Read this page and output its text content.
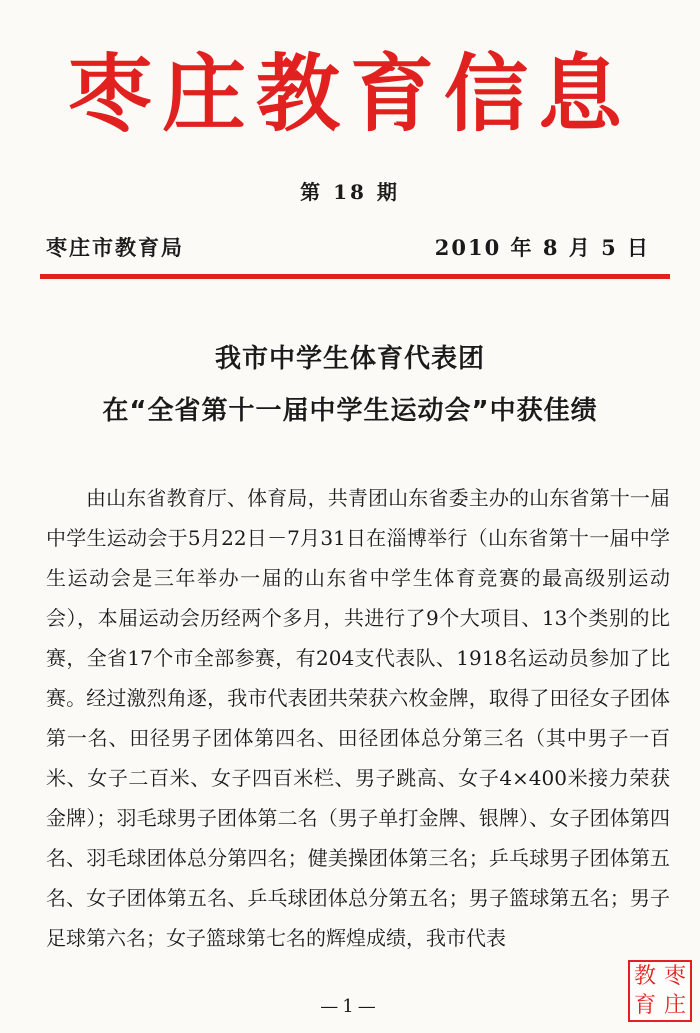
枣庄教育信息
第 18 期
枣庄市教育局	2010 年 8 月 5 日
我市中学生体育代表团
在“全省第十一届中学生运动会”中获佳绩

由山东省教育厅、体育局，共青团山东省委主办的山东省第十一届中学生运动会于5月22日－7月31日在淄博举行（山东省第十一届中学生运动会是三年举办一届的山东省中学生体育竞赛的最高级别运动会），本届运动会历经两个多月，共进行了9个大项目、13个类别的比赛，全省17个市全部参赛，有204支代表队、1918名运动员参加了比赛。经过激烈角逐，我市代表团共荣获六枚金牌，取得了田径女子团体第一名、田径男子团体第四名、田径团体总分第三名（其中男子一百米、女子二百米、女子四百米栏、男子跳高、女子4×400米接力荣获金牌）；羽毛球男子团体第二名（男子单打金牌、银牌）、女子团体第四名、羽毛球团体总分第四名；健美操团体第三名；乒乓球男子团体第五名、女子团体第五名、乒乓球团体总分第五名；男子篮球第五名；男子足球第六名；女子篮球第七名的辉煌成绩，我市代表

—1—
教 枣
育 庄
